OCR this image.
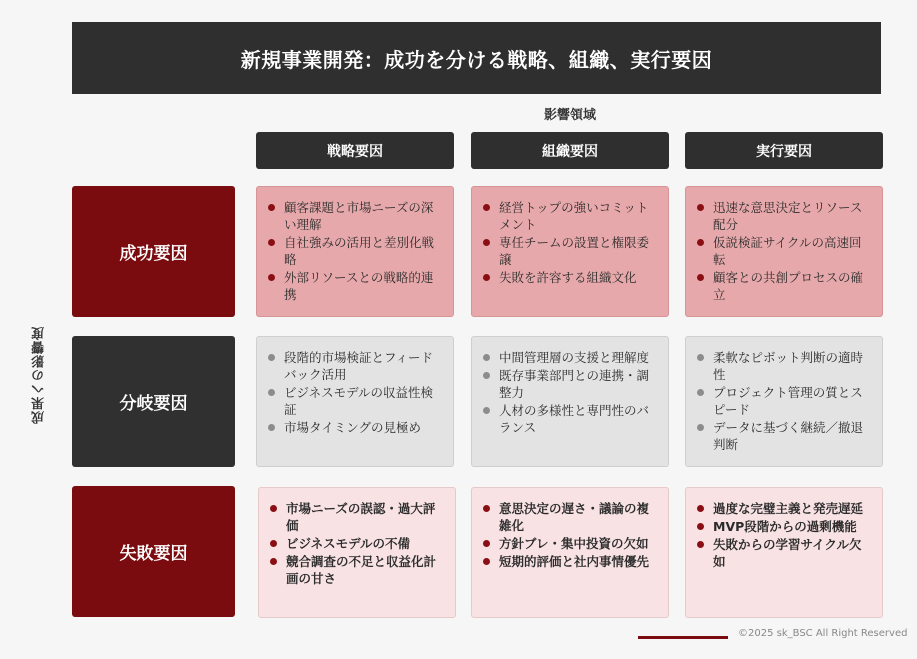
新規事業開発：成功を分ける戦略、組織、実行要因
影響領域
戦略要因	組織要因	実行要因
成果への影響度
成功要因
分岐要因
失敗要因
顧客課題と市場ニーズの深い理解
自社強みの活用と差別化戦略
外部リソースとの戦略的連携
経営トップの強いコミットメント
専任チームの設置と権限委譲
失敗を許容する組織文化
迅速な意思決定とリソース配分
仮説検証サイクルの高速回転
顧客との共創プロセスの確立
段階的市場検証とフィードバック活用
ビジネスモデルの収益性検証
市場タイミングの見極め
中間管理層の支援と理解度
既存事業部門との連携・調整力
人材の多様性と専門性のバランス
柔軟なピボット判断の適時性
プロジェクト管理の質とスピード
データに基づく継続／撤退判断
市場ニーズの誤認・過大評価
ビジネスモデルの不備
競合調査の不足と収益化計画の甘さ
意思決定の遅さ・議論の複雑化
方針ブレ・集中投資の欠如
短期的評価と社内事情優先
過度な完璧主義と発売遅延
MVP段階からの過剰機能
失敗からの学習サイクル欠如
©2025 sk_BSC All Right Reserved
